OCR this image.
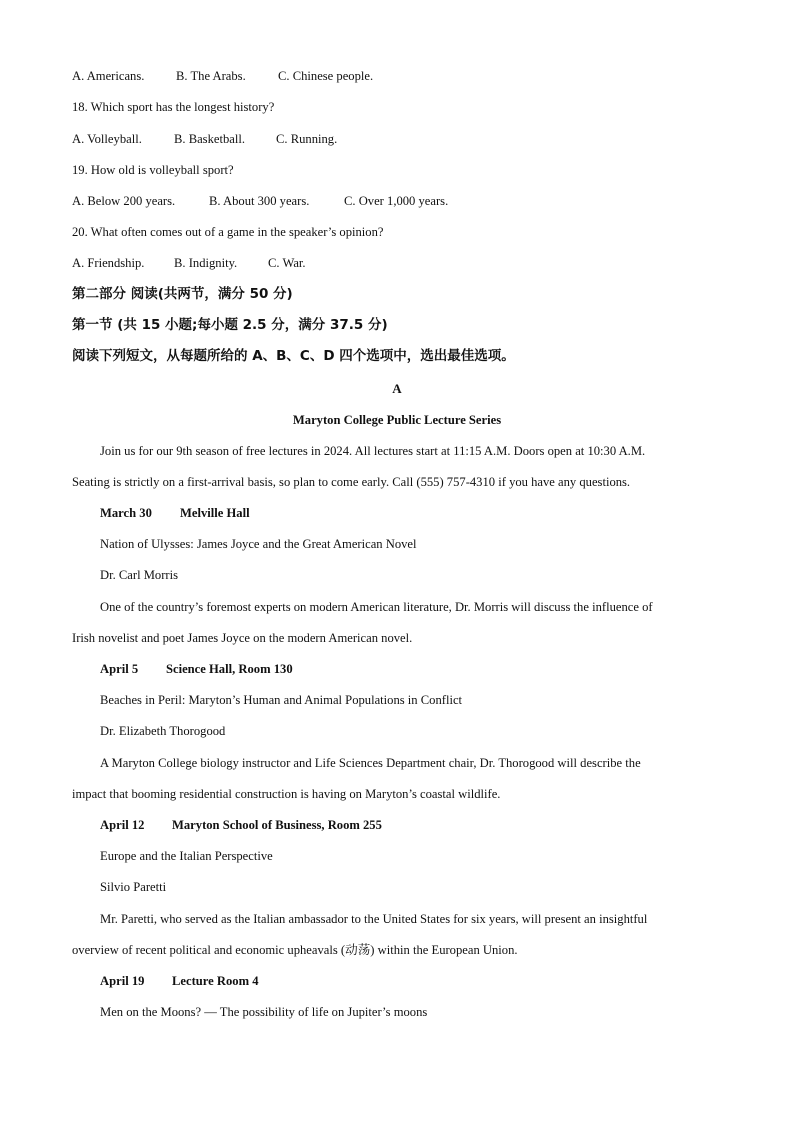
A. Americans.	B. The Arabs.	C. Chinese people.
18. Which sport has the longest history?
A. Volleyball.	B. Basketball. C. Running.
19. How old is volleyball sport?
A. Below 200 years.	B. About 300 years.	C. Over 1,000 years.
20. What often comes out of a game in the speaker’s opinion?
A. Friendship. B. Indignity. C. War.
第二部分 阅读(共两节，满分 50 分)
第一节 (共 15 小题;每小题 2.5 分，满分 37.5 分)
阅读下列短文，从每题所给的 A、B、C、D 四个选项中，选出最佳选项。
A
Maryton College Public Lecture Series
Join us for our 9th season of free lectures in 2024. All lectures start at 11:15 A.M. Doors open at 10:30 A.M.
Seating is strictly on a first-arrival basis, so plan to come early. Call (555) 757-4310 if you have any questions.
March 30 Melville Hall
Nation of Ulysses: James Joyce and the Great American Novel
Dr. Carl Morris
One of the country’s foremost experts on modern American literature, Dr. Morris will discuss the influence of
Irish novelist and poet James Joyce on the modern American novel.
April 5 Science Hall, Room 130
Beaches in Peril: Maryton’s Human and Animal Populations in Conflict
Dr. Elizabeth Thorogood
A Maryton College biology instructor and Life Sciences Department chair, Dr. Thorogood will describe the
impact that booming residential construction is having on Maryton’s coastal wildlife.
April 12 Maryton School of Business, Room 255
Europe and the Italian Perspective
Silvio Paretti
Mr. Paretti, who served as the Italian ambassador to the United States for six years, will present an insightful
overview of recent political and economic upheavals (动荡) within the European Union.
April 19 Lecture Room 4
Men on the Moons? — The possibility of life on Jupiter’s moons
